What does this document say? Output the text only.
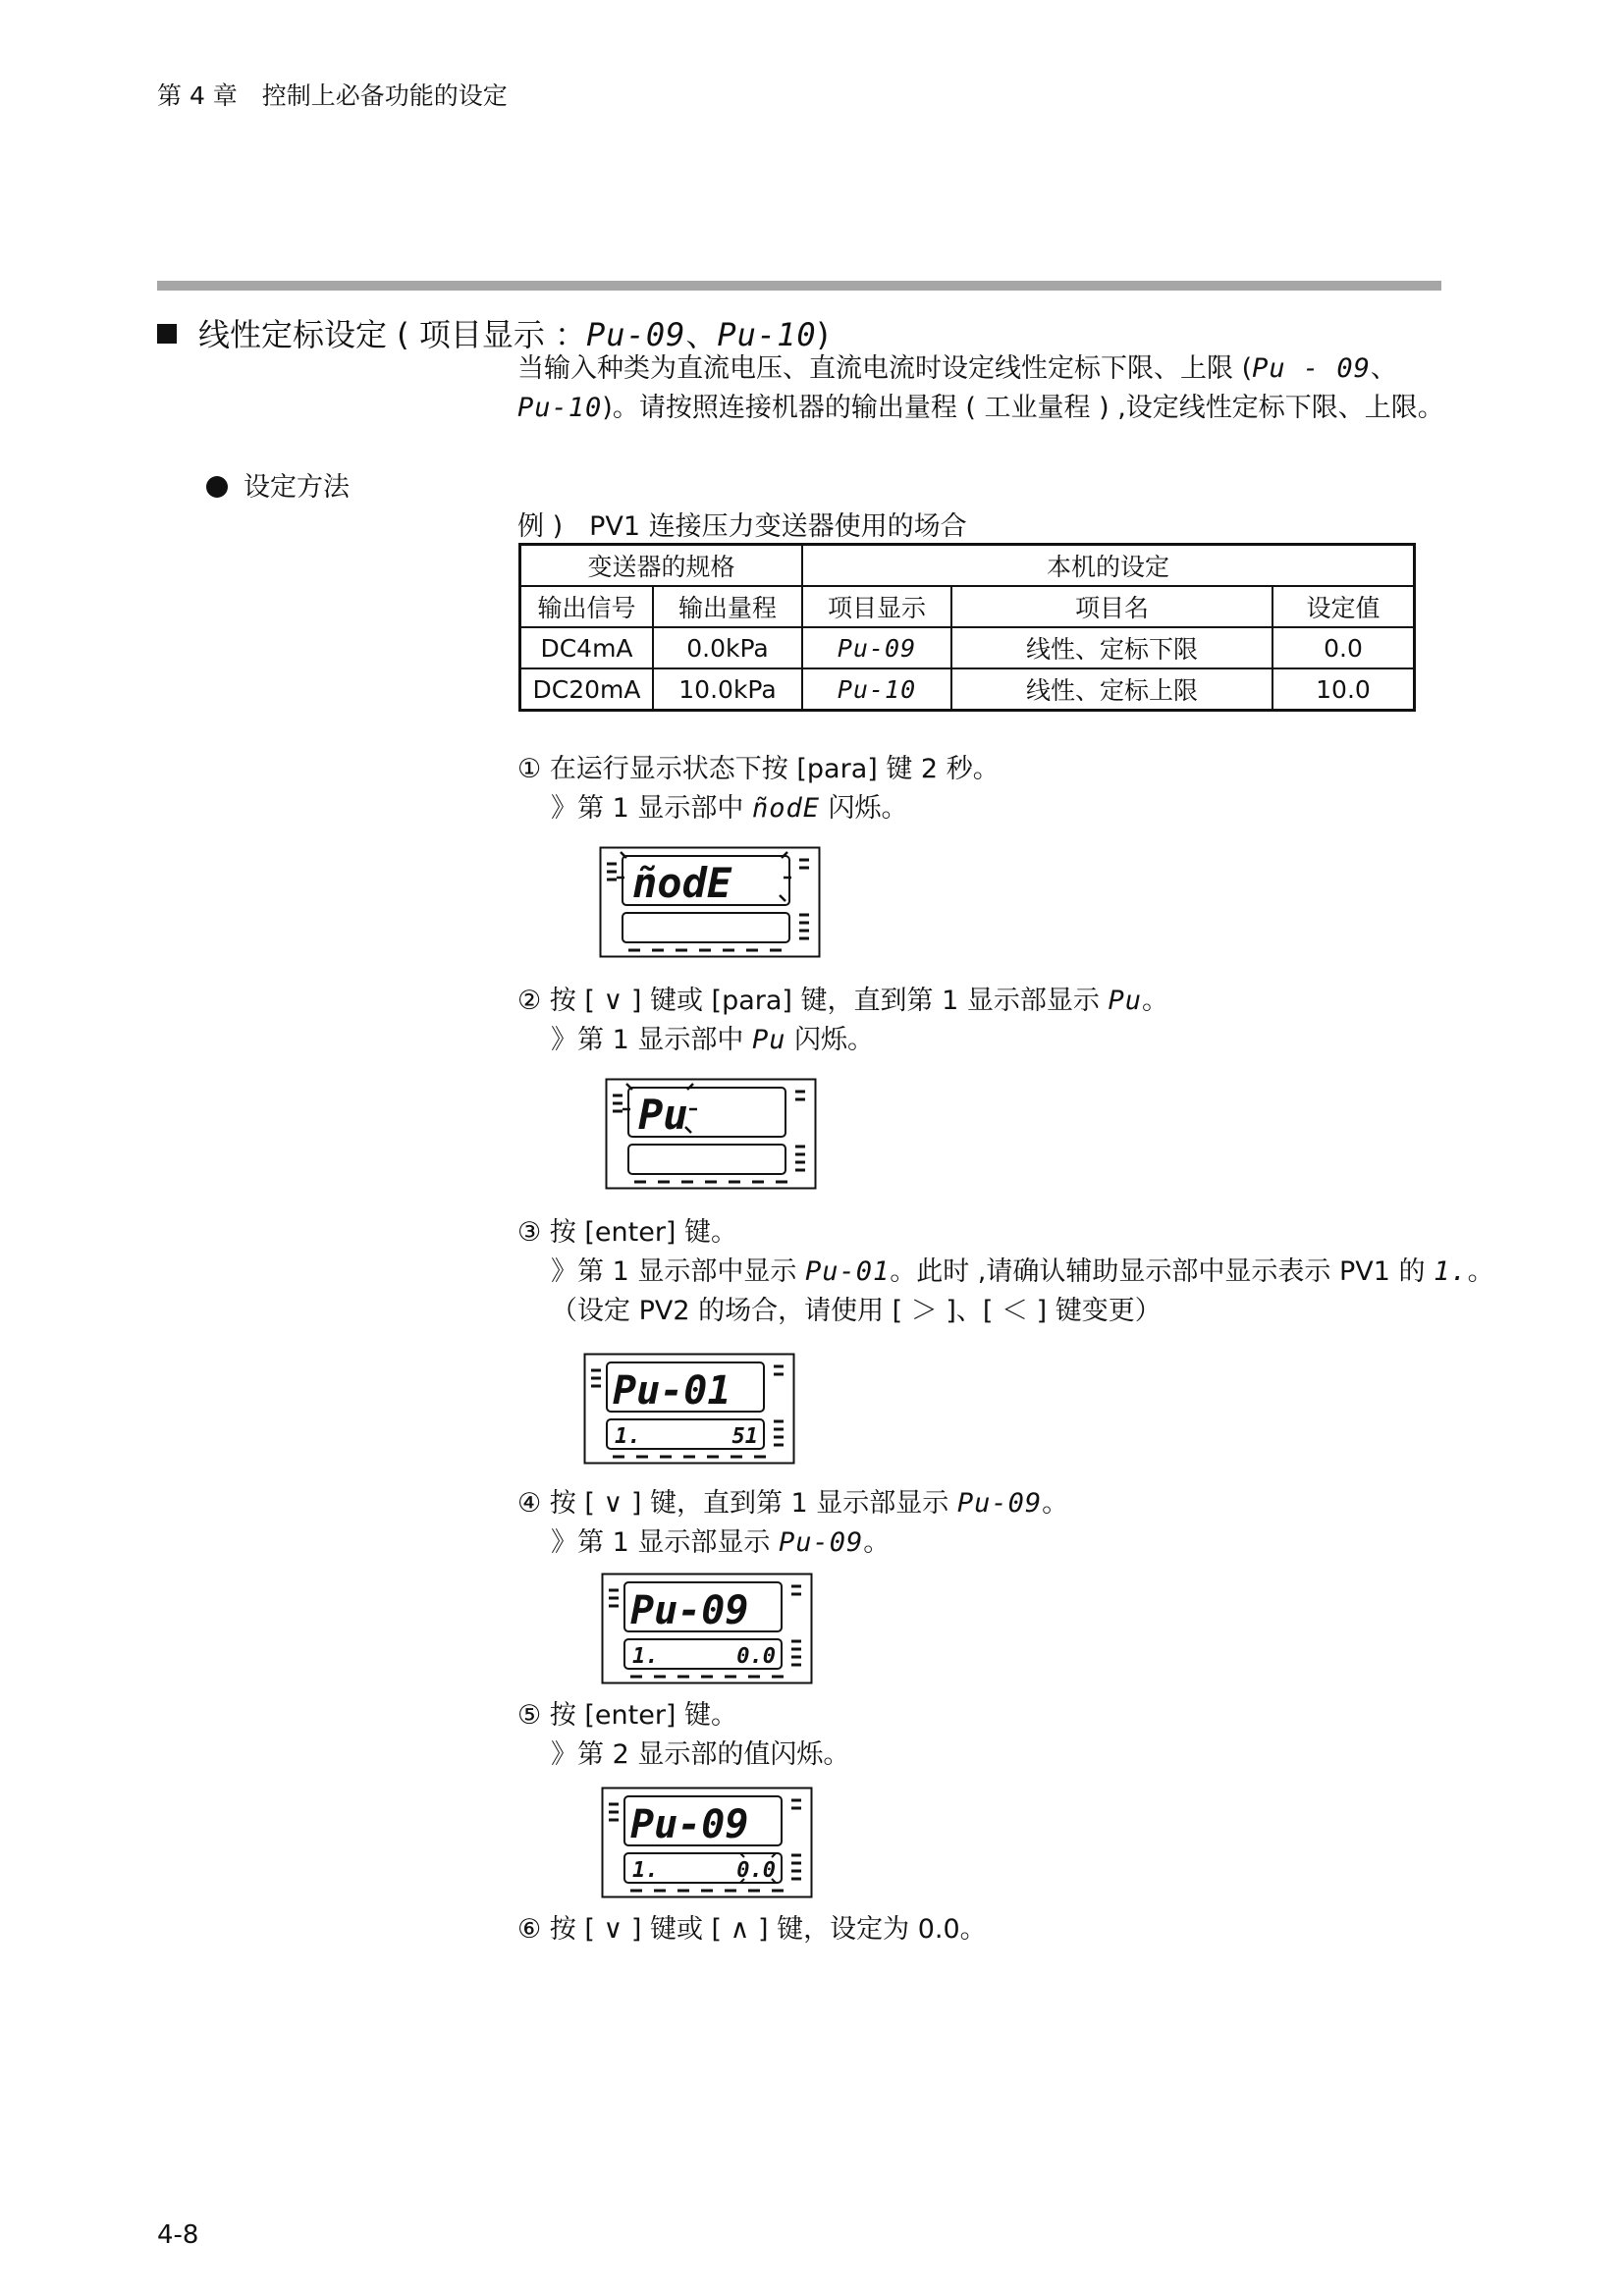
第 4 章　控制上必备功能的设定
线性定标设定 ( 项目显示 ：Pu-09、Pu-10)

当输入种类为直流电压、直流电流时设定线性定标下限、上限 (Pu - 09、

Pu-10)。请按照连接机器的输出量程 ( 工业量程 ) ,设定线性定标下限、上限。

设定方法
例 )　PV1 连接压力变送器使用的场合
变送器的规格		本机的设定		
输出信号	输出量程	项目显示	项目名	设定值
DC4mA	0.0kPa	Pu-09	线性、定标下限	0.0
DC20mA	10.0kPa	Pu-10	线性、定标上限	10.0

① 在运行显示状态下按 [para] 键 2 秒。

》第 1 显示部中 ñodE 闪烁。

ñodE

② 按 [ ∨ ] 键或 [para] 键，直到第 1 显示部显示 Pu。

》第 1 显示部中 Pu 闪烁。

Pu

③ 按 [enter] 键。

》第 1 显示部中显示 Pu-01。此时 ,请确认辅助显示部中显示表示 PV1 的 1.。

（设定 PV2 的场合，请使用 [ ＞ ]、[ ＜ ] 键变更）

Pu-01
1.	51

④ 按 [ ∨ ] 键，直到第 1 显示部显示 Pu-09。

》第 1 显示部显示 Pu-09。

Pu-09
1.	0.0

⑤ 按 [enter] 键。

》第 2 显示部的值闪烁。

Pu-09
1.	0.0

⑥ 按 [ ∨ ] 键或 [ ∧ ] 键，设定为 0.0。

4-8
